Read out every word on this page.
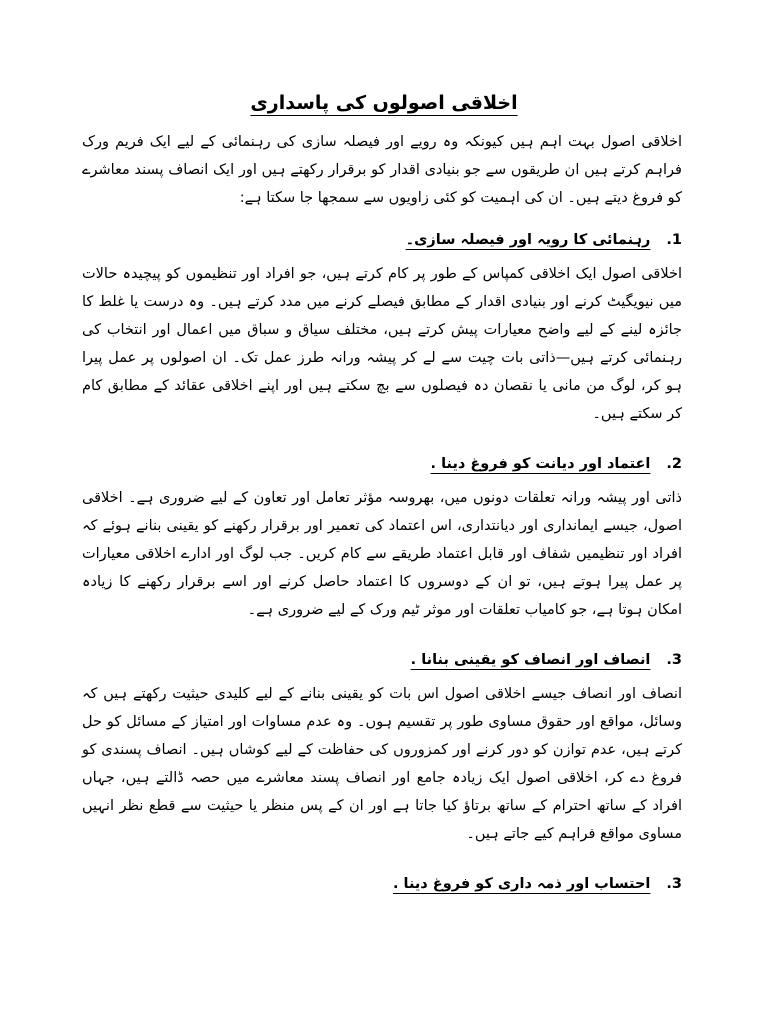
اخلاقی اصولوں کی پاسداری

اخلاقی اصول بہت اہم ہیں کیونکہ وہ رویے اور فیصلہ سازی کی رہنمائی کے لیے ایک فریم ورک فراہم کرتے ہیں ان طریقوں سے جو بنیادی اقدار کو برقرار رکھتے ہیں اور ایک انصاف پسند معاشرے کو فروغ دیتے ہیں۔ ان کی اہمیت کو کئی زاویوں سے سمجھا جا سکتا ہے:

1.رہنمائی کا رویہ اور فیصلہ سازی۔

اخلاقی اصول ایک اخلاقی کمپاس کے طور پر کام کرتے ہیں، جو افراد اور تنظیموں کو پیچیدہ حالات میں نیویگیٹ کرنے اور بنیادی اقدار کے مطابق فیصلے کرنے میں مدد کرتے ہیں۔ وہ درست یا غلط کا جائزہ لینے کے لیے واضح معیارات پیش کرتے ہیں، مختلف سیاق و سباق میں اعمال اور انتخاب کی رہنمائی کرتے ہیں—ذاتی بات چیت سے لے کر پیشہ ورانہ طرز عمل تک۔ ان اصولوں پر عمل پیرا ہو کر، لوگ من مانی یا نقصان دہ فیصلوں سے بچ سکتے ہیں اور اپنے اخلاقی عقائد کے مطابق کام کر سکتے ہیں۔

2.اعتماد اور دیانت کو فروغ دینا .

ذاتی اور پیشہ ورانہ تعلقات دونوں میں، بھروسہ مؤثر تعامل اور تعاون کے لیے ضروری ہے۔ اخلاقی اصول، جیسے ایمانداری اور دیانتداری، اس اعتماد کی تعمیر اور برقرار رکھنے کو یقینی بنانے ہوئے کہ افراد اور تنظیمیں شفاف اور قابل اعتماد طریقے سے کام کریں۔ جب لوگ اور ادارے اخلاقی معیارات پر عمل پیرا ہوتے ہیں، تو ان کے دوسروں کا اعتماد حاصل کرنے اور اسے برقرار رکھنے کا زیادہ امکان ہوتا ہے، جو کامیاب تعلقات اور موثر ٹیم ورک کے لیے ضروری ہے۔

3.انصاف اور انصاف کو یقینی بنانا .

انصاف اور انصاف جیسے اخلاقی اصول اس بات کو یقینی بنانے کے لیے کلیدی حیثیت رکھتے ہیں کہ وسائل، مواقع اور حقوق مساوی طور پر تقسیم ہوں۔ وہ عدم مساوات اور امتیاز کے مسائل کو حل کرتے ہیں، عدم توازن کو دور کرنے اور کمزوروں کی حفاظت کے لیے کوشاں ہیں۔ انصاف پسندی کو فروغ دے کر، اخلاقی اصول ایک زیادہ جامع اور انصاف پسند معاشرے میں حصہ ڈالتے ہیں، جہاں افراد کے ساتھ احترام کے ساتھ برتاؤ کیا جاتا ہے اور ان کے پس منظر یا حیثیت سے قطع نظر انہیں مساوی مواقع فراہم کیے جاتے ہیں۔

3.احتساب اور ذمہ داری کو فروغ دینا .
